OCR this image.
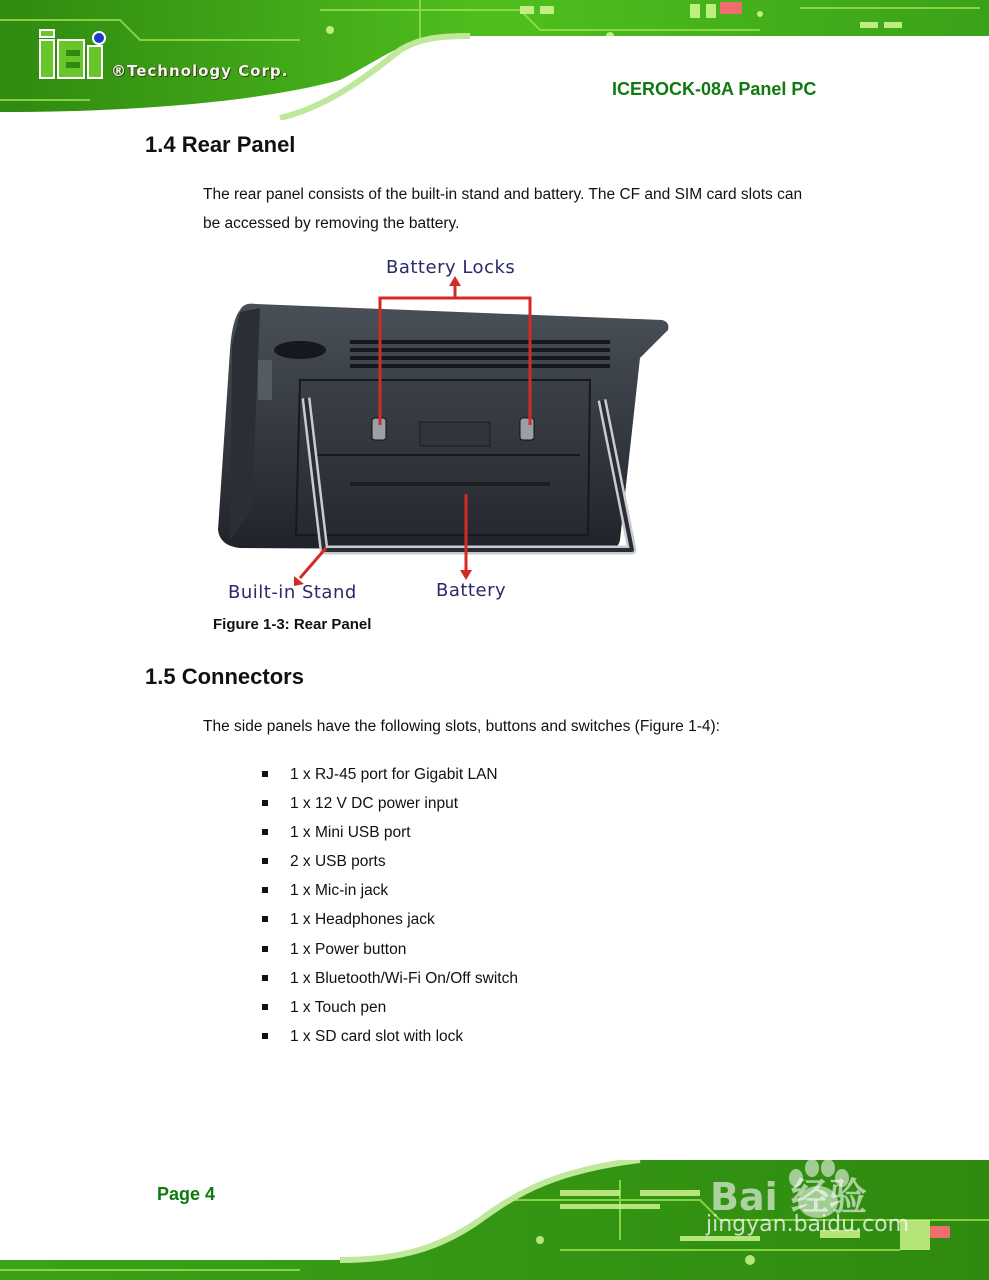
®Technology Corp.
ICEROCK-08A Panel PC
1.4 Rear Panel
The rear panel consists of the built-in stand and battery. The CF and SIM card slots can
be accessed by removing the battery.
Battery Locks
Built-in Stand	Battery
Figure 1-3: Rear Panel
1.5 Connectors
The side panels have the following slots, buttons and switches (Figure 1-4):
1 x RJ-45 port for Gigabit LAN
1 x 12 V DC power input
1 x Mini USB port
2 x USB ports
1 x Mic-in jack
1 x Headphones jack
1 x Power button
1 x Bluetooth/Wi-Fi On/Off switch
1 x Touch pen
1 x SD card slot with lock
Page 4	Bai 经验
jingyan.baidu.com
